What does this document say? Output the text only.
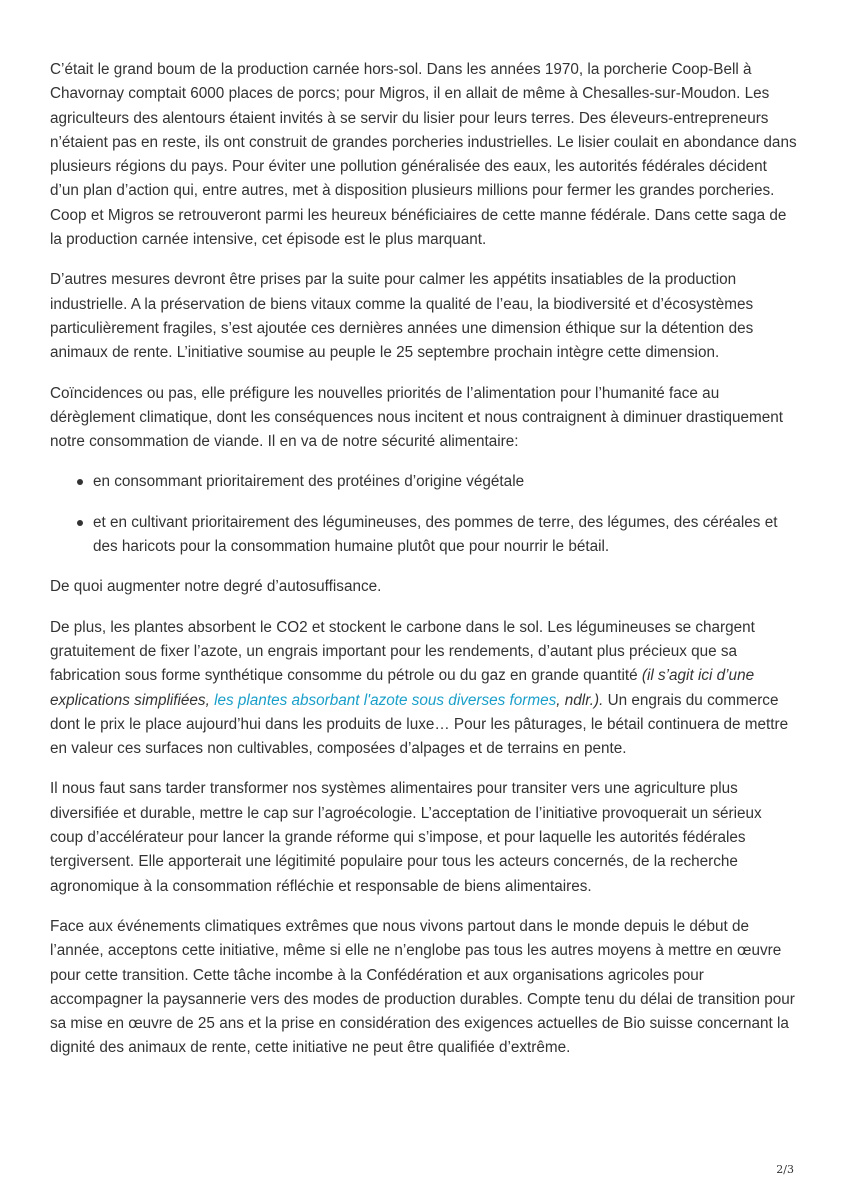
C’était le grand boum de la production carnée hors-sol. Dans les années 1970, la porcherie Coop-Bell à Chavornay comptait 6000 places de porcs; pour Migros, il en allait de même à Chesalles-sur-Moudon. Les agriculteurs des alentours étaient invités à se servir du lisier pour leurs terres. Des éleveurs-entrepreneurs n’étaient pas en reste, ils ont construit de grandes porcheries industrielles. Le lisier coulait en abondance dans plusieurs régions du pays. Pour éviter une pollution généralisée des eaux, les autorités fédérales décident d’un plan d’action qui, entre autres, met à disposition plusieurs millions pour fermer les grandes porcheries. Coop et Migros se retrouveront parmi les heureux bénéficiaires de cette manne fédérale. Dans cette saga de la production carnée intensive, cet épisode est le plus marquant.

D’autres mesures devront être prises par la suite pour calmer les appétits insatiables de la production industrielle. A la préservation de biens vitaux comme la qualité de l’eau, la biodiversité et d’écosystèmes particulièrement fragiles, s’est ajoutée ces dernières années une dimension éthique sur la détention des animaux de rente. L’initiative soumise au peuple le 25 septembre prochain intègre cette dimension.

Coïncidences ou pas, elle préfigure les nouvelles priorités de l’alimentation pour l’humanité face au dérèglement climatique, dont les conséquences nous incitent et nous contraignent à diminuer drastiquement notre consommation de viande. Il en va de notre sécurité alimentaire:

en consommant prioritairement des protéines d’origine végétale
et en cultivant prioritairement des légumineuses, des pommes de terre, des légumes, des céréales et des haricots pour la consommation humaine plutôt que pour nourrir le bétail.

De quoi augmenter notre degré d’autosuffisance.

De plus, les plantes absorbent le CO2 et stockent le carbone dans le sol. Les légumineuses se chargent gratuitement de fixer l’azote, un engrais important pour les rendements, d’autant plus précieux que sa fabrication sous forme synthétique consomme du pétrole ou du gaz en grande quantité (il s’agit ici d’une explications simplifiées, les plantes absorbant l'azote sous diverses formes, ndlr.). Un engrais du commerce dont le prix le place aujourd’hui dans les produits de luxe… Pour les pâturages, le bétail continuera de mettre en valeur ces surfaces non cultivables, composées d’alpages et de terrains en pente.

Il nous faut sans tarder transformer nos systèmes alimentaires pour transiter vers une agriculture plus diversifiée et durable, mettre le cap sur l’agroécologie. L’acceptation de l’initiative provoquerait un sérieux coup d’accélérateur pour lancer la grande réforme qui s’impose, et pour laquelle les autorités fédérales tergiversent. Elle apporterait une légitimité populaire pour tous les acteurs concernés, de la recherche agronomique à la consommation réfléchie et responsable de biens alimentaires.

Face aux événements climatiques extrêmes que nous vivons partout dans le monde depuis le début de l’année, acceptons cette initiative, même si elle ne n’englobe pas tous les autres moyens à mettre en œuvre pour cette transition. Cette tâche incombe à la Confédération et aux organisations agricoles pour accompagner la paysannerie vers des modes de production durables. Compte tenu du délai de transition pour sa mise en œuvre de 25 ans et la prise en considération des exigences actuelles de Bio suisse concernant la dignité des animaux de rente, cette initiative ne peut être qualifiée d’extrême.

2/3
